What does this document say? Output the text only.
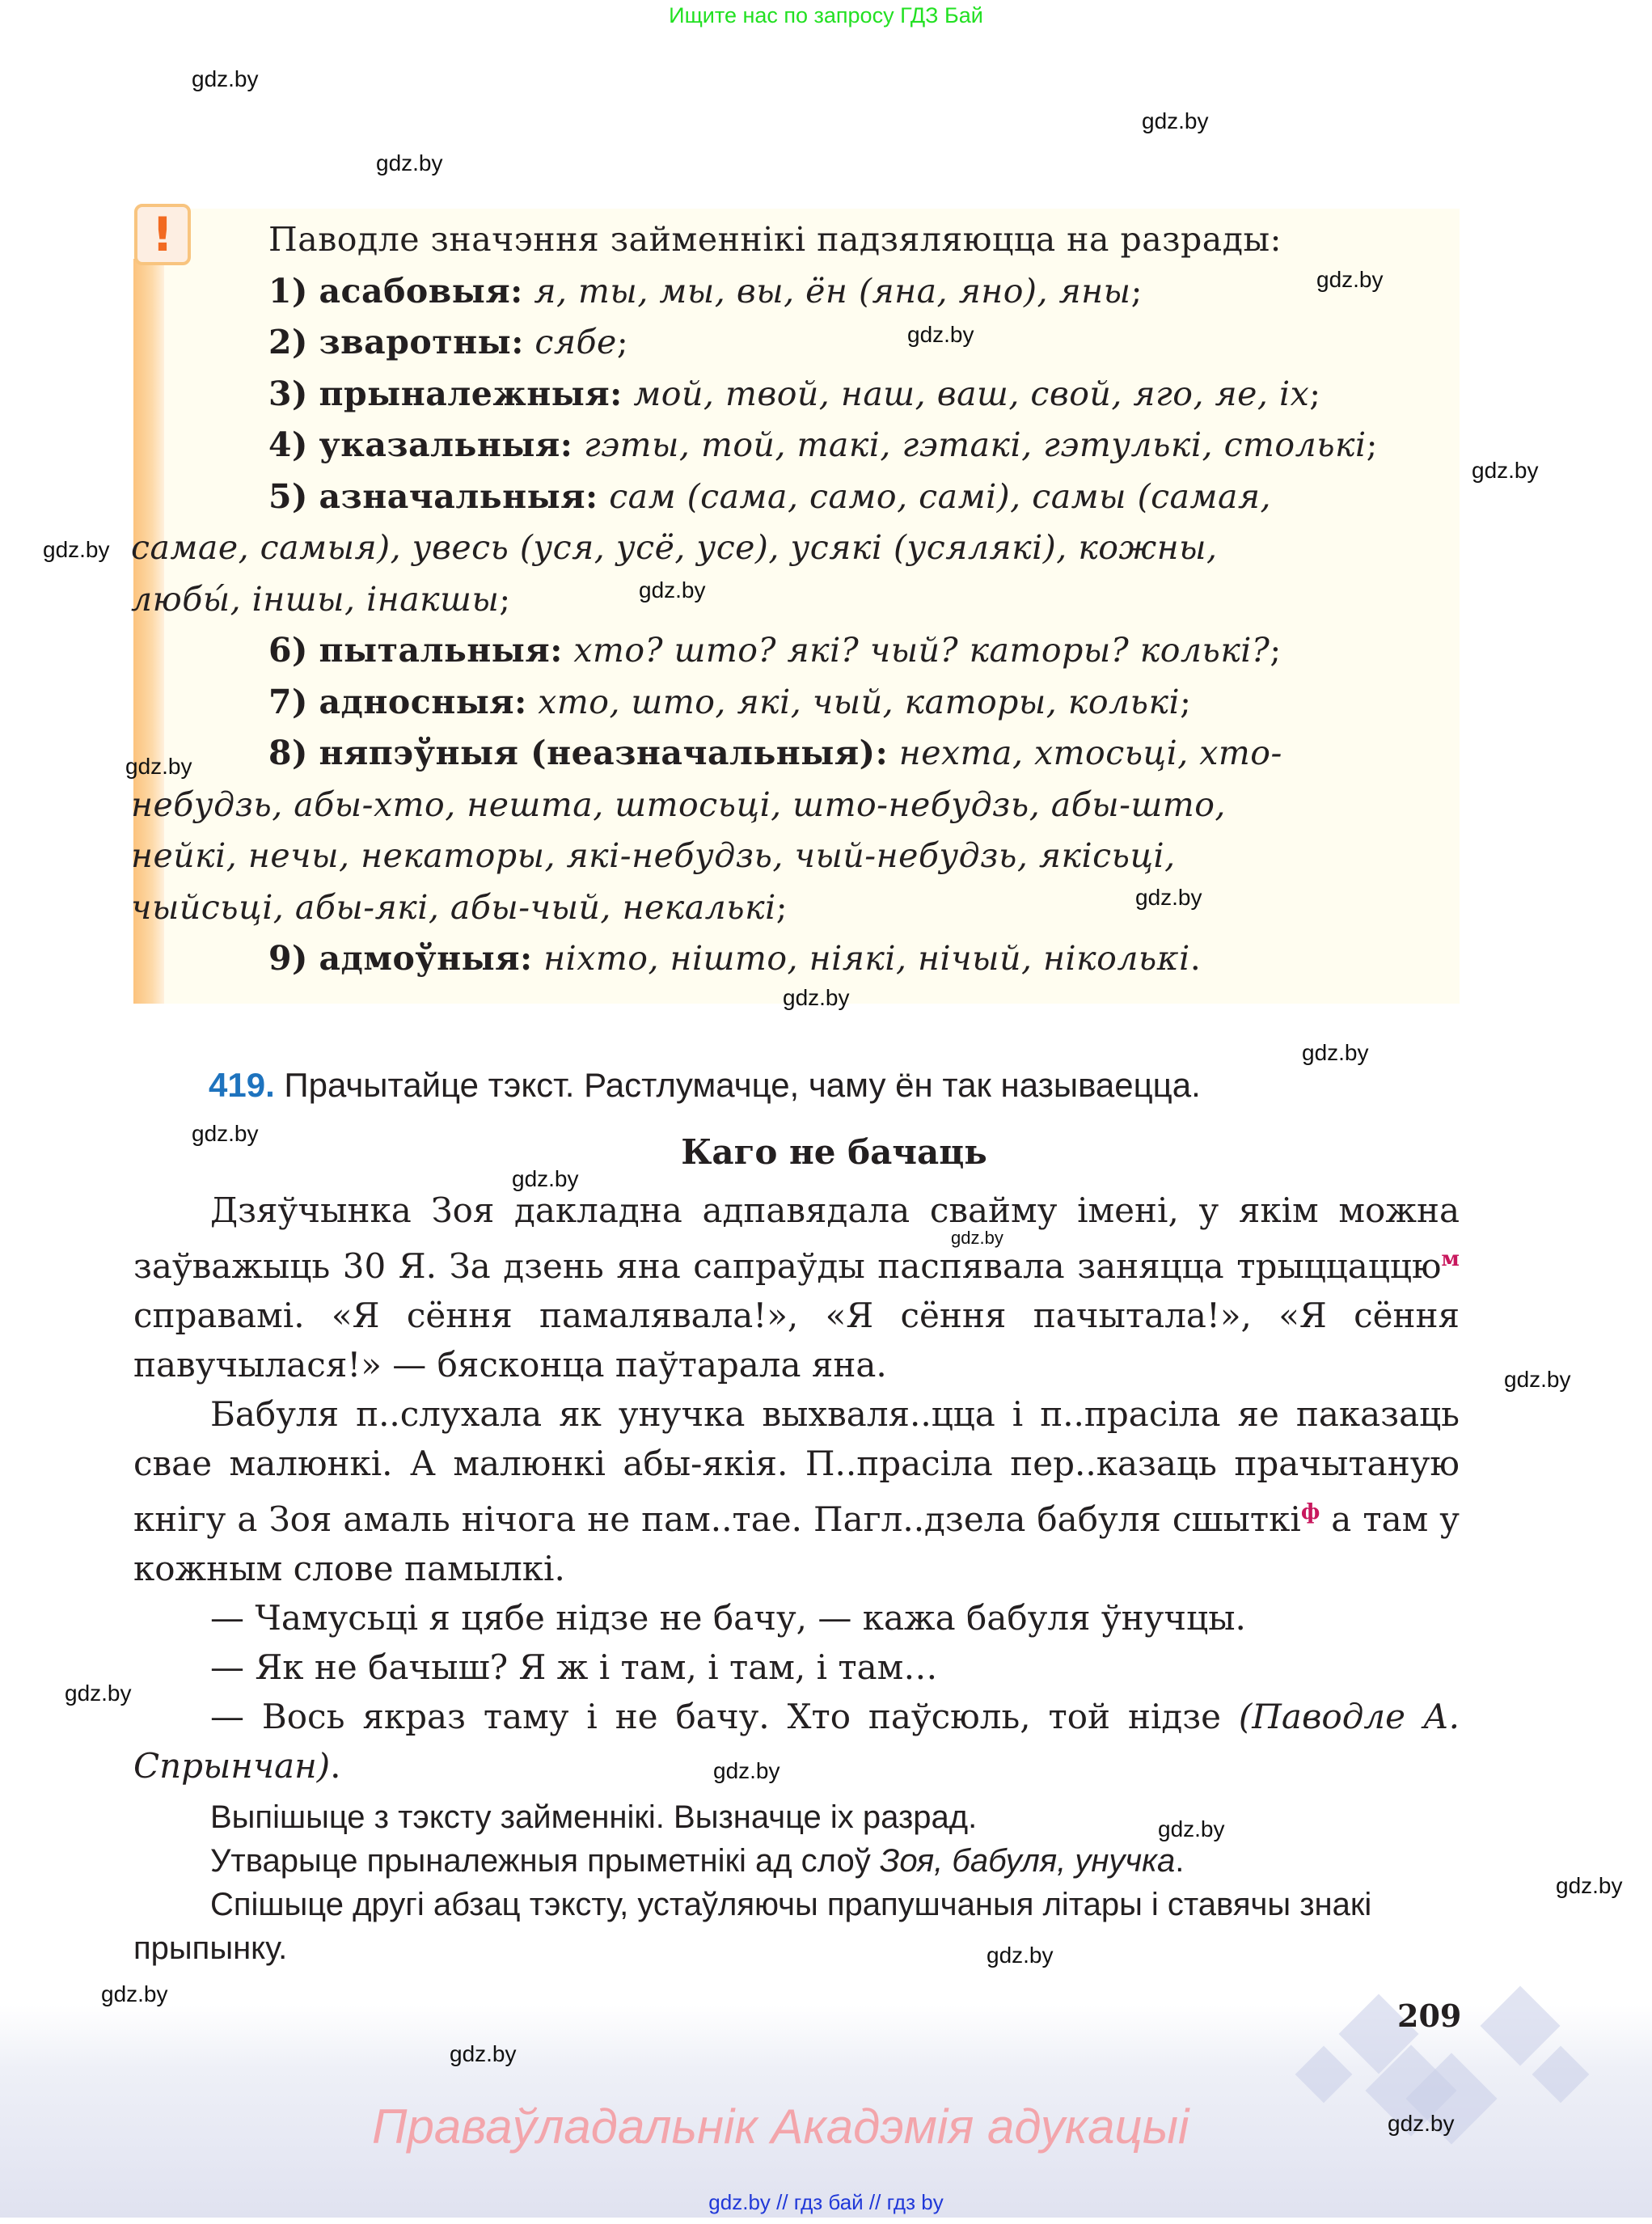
Ищите нас по запросу ГДЗ Бай
!	Паводле значэння займеннікі падзяляюцца на разрады:

1) асабовыя: я, ты, мы, вы, ён (яна, яно), яны;

2) зваротны: сябе;

3) прыналежныя: мой, твой, наш, ваш, свой, яго, яе, іх;

4) указальныя: гэты, той, такі, гэтакі, гэтулькі, столькі;

5) азначальныя: сам (сама, само, самі), самы (самая,

самае, самыя), увесь (уся, усё, усе), усякі (усялякі), кожны,

любы́, іншы, інакшы;

6) пытальныя: хто? што? які? чый? каторы? колькі?;

7) адносныя: хто, што, які, чый, каторы, колькі;

8) няпэўныя (неазначальныя): нехта, хтосьці, хто-

небудзь, абы-хто, нешта, штосьці, што-небудзь, абы-што,

нейкі, нечы, некаторы, які-небудзь, чый-небудзь, якісьці,

чыйсьці, абы-які, абы-чый, некалькі;

9) адмоўныя: ніхто, нішто, ніякі, нічый, нікольκі.

419. Прачытайце тэкст. Растлумачце, чаму ён так называецца.
Каго не бачаць

Дзяўчынка Зоя дакладна адпавядала свайму імені, у якім можна заўважыць 30 Я. За дзень яна сапраўды паспявала заняцца трыццаццю$^м$ справамі. «Я сёння памалявала!», «Я сёння пачытала!», «Я сёння павучылася!» — бясконца паўтарала яна.

Бабуля п..слухала як унучка выхваля..цца і п..прасіла яе паказаць свае малюнкі. А малюнкі абы-якія. П..прасіла пер..казаць прачытаную кнігу а Зоя амаль нічога не пам..тае. Пагл..дзела бабуля сшыткі$^ф$ а там у кожным слове памылкі.

— Чамусьці я цябе нідзе не бачу, — кажа бабуля ўнучцы.

— Як не бачыш? Я ж і там, і там, і там…

— Вось якраз таму і не бачу. Хто паўсюль, той нідзе (Паводле А. Спрынчан).

Выпішыце з тэксту займеннікі. Вызначце іх разрад.

Утварыце прыналежныя прыметнікі ад слоў Зоя, бабуля, унучка.

Спішыце другі абзац тэксту, устаўляючы прапушчаныя літары і ставячы знакі прыпынку.

209
Праваўладальнік Акадэмія адукацыі
gdz.by // гдз бай // гдз by
gdz.by
gdz.by
gdz.by
gdz.by
gdz.by
gdz.by
gdz.by
gdz.by
gdz.by
gdz.by
gdz.by
gdz.by
gdz.by
gdz.by
gdz.by
gdz.by
gdz.by
gdz.by
gdz.by
gdz.by
gdz.by
gdz.by
gdz.by
gdz.by
